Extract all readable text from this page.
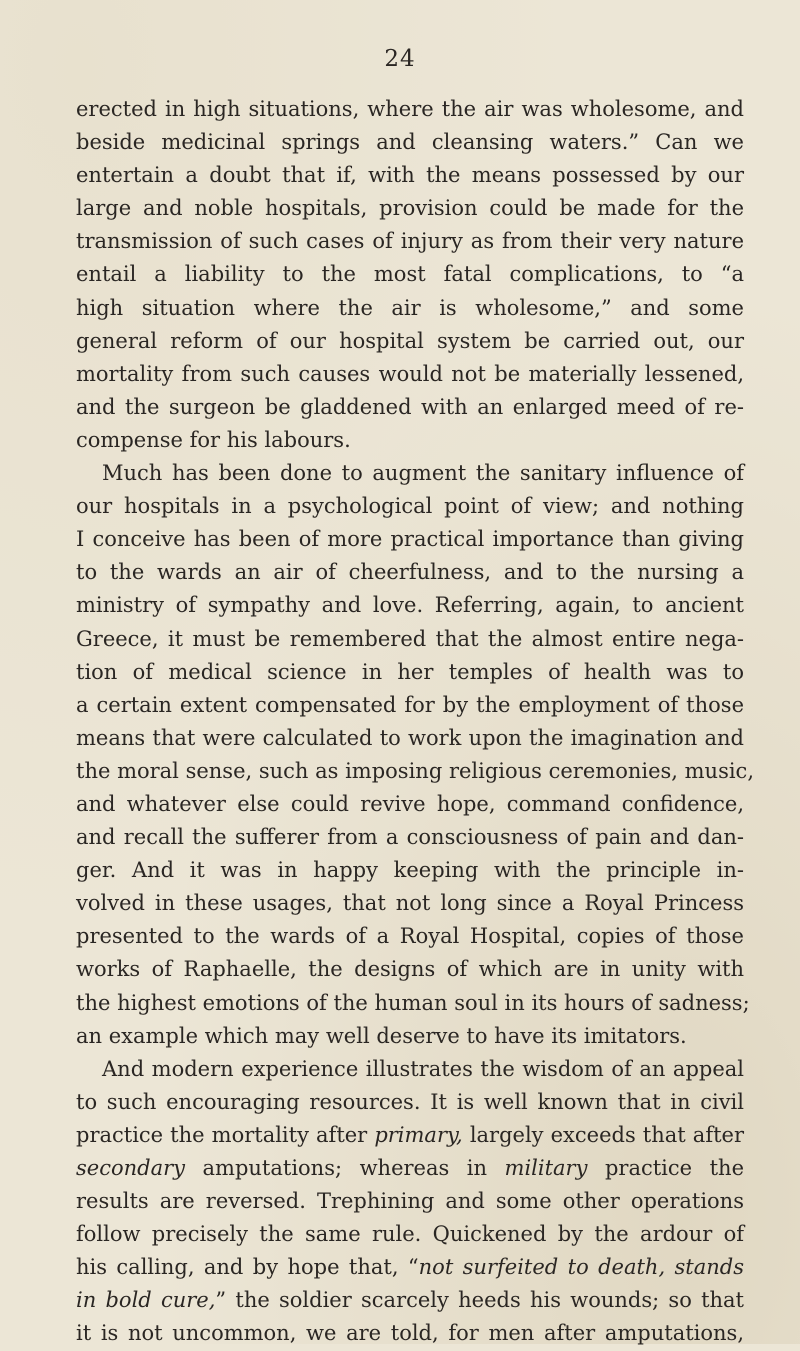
24
erected in high situations, where the air was wholesome, and
beside medicinal springs and cleansing waters.” Can we
entertain a doubt that if, with the means possessed by our
large and noble hospitals, provision could be made for the
transmission of such cases of injury as from their very nature
entail a liability to the most fatal complications, to “a
high situation where the air is wholesome,” and some
general reform of our hospital system be carried out, our
mortality from such causes would not be materially lessened,
and the surgeon be gladdened with an enlarged meed of re-
compense for his labours.
Much has been done to augment the sanitary influence of
our hospitals in a psychological point of view; and nothing
I conceive has been of more practical importance than giving
to the wards an air of cheerfulness, and to the nursing a
ministry of sympathy and love. Referring, again, to ancient
Greece, it must be remembered that the almost entire nega-
tion of medical science in her temples of health was to
a certain extent compensated for by the employment of those
means that were calculated to work upon the imagination and
the moral sense, such as imposing religious ceremonies, music,
and whatever else could revive hope, command confidence,
and recall the sufferer from a consciousness of pain and dan-
ger. And it was in happy keeping with the principle in-
volved in these usages, that not long since a Royal Princess
presented to the wards of a Royal Hospital, copies of those
works of Raphaelle, the designs of which are in unity with
the highest emotions of the human soul in its hours of sadness;
an example which may well deserve to have its imitators.
And modern experience illustrates the wisdom of an appeal
to such encouraging resources. It is well known that in civil
practice the mortality after primary, largely exceeds that after
secondary amputations; whereas in military practice the
results are reversed. Trephining and some other operations
follow precisely the same rule. Quickened by the ardour of
his calling, and by hope that, “not surfeited to death, stands
in bold cure,” the soldier scarcely heeds his wounds; so that
it is not uncommon, we are told, for men after amputations,
